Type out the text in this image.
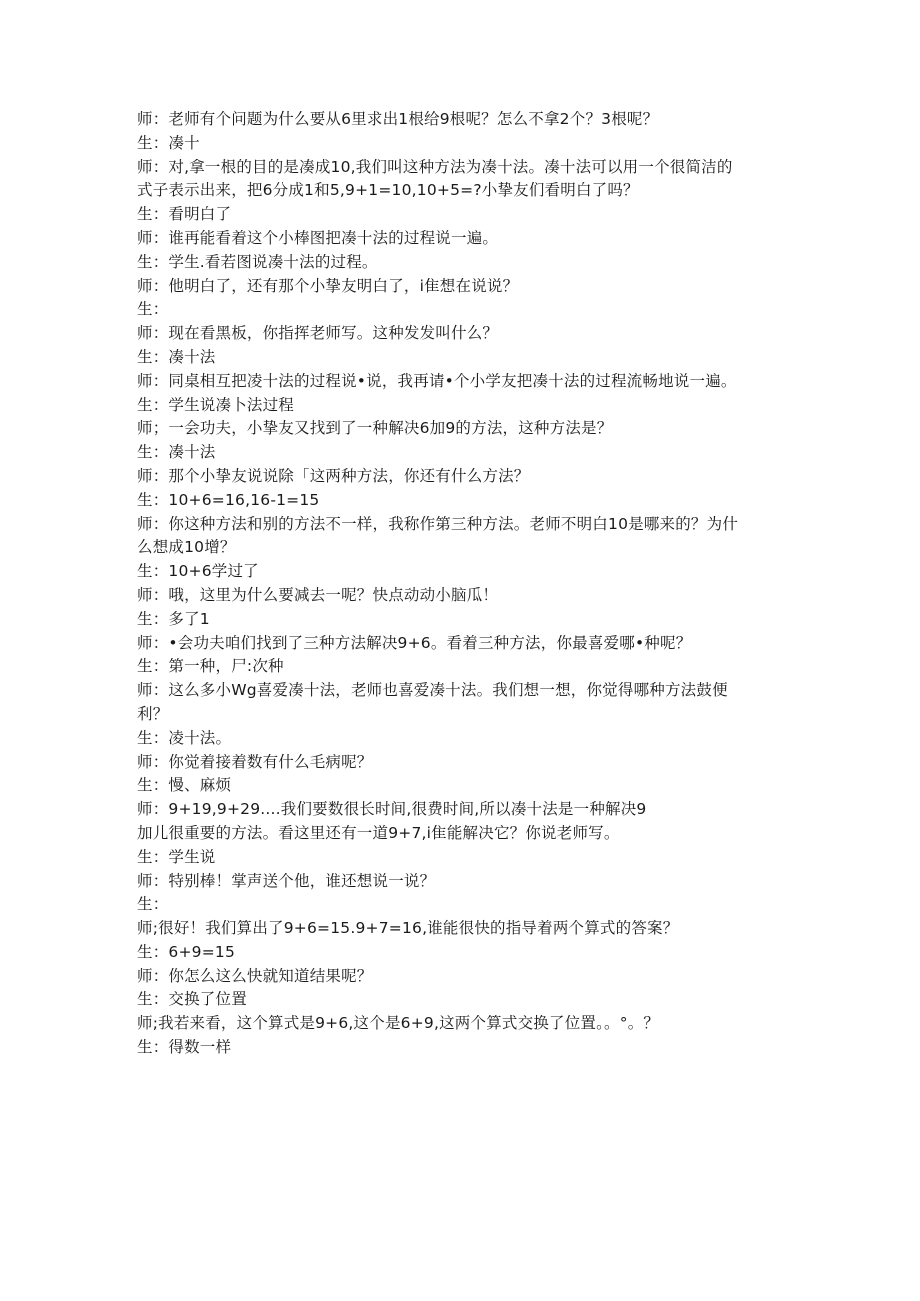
师：老师有个问题为什么要从6里求出1根给9根呢？怎么不拿2个？3根呢？
生：凑十
师：对,拿一根的目的是凑成10,我们叫这种方法为凑十法。凑十法可以用一个很简洁的
式子表示出来，把6分成1和5,9+1=10,10+5=?小挚友们看明白了吗？
生：看明白了
师：谁再能看着这个小棒图把凑十法的过程说一遍。
生：学生.看若图说凑十法的过程。
师：他明白了，还有那个小挚友明白了，i隹想在说说？
生：
师：现在看黑板，你指挥老师写。这种发发叫什么？
生：凑十法
师：同桌相互把凌十法的过程说•说，我再请•个小学友把凑十法的过程流畅地说一遍。
生：学生说凑卜法过程
师；一会功夫，小挚友又找到了一种解决6加9的方法，这种方法是？
生：凑十法
师：那个小挚友说说除「这两种方法，你还有什么方法？
生：10+6=16,16-1=15
师：你这种方法和别的方法不一样，我称作第三种方法。老师不明白10是哪来的？为什
么想成10增？
生：10+6学过了
师：哦，这里为什么要减去一呢？快点动动小脑瓜！
生：多了1
师：•会功夫咱们找到了三种方法解决9+6。看着三种方法，你最喜爱哪•种呢？
生：第一种，尸:次种
师：这么多小Wg喜爱凑十法，老师也喜爱凑十法。我们想一想，你觉得哪种方法鼓便
利？
生：凌十法。
师：你觉着接着数有什么毛病呢？
生：慢、麻烦
师：9+19,9+29....我们要数很长时间,很费时间,所以凑十法是一种解决9
加儿很重要的方法。看这里还有一道9+7,i隹能解决它？你说老师写。
生：学生说
师：特别棒！掌声送个他，谁还想说一说？
生：
师;很好！我们算出了9+6=15.9+7=16,谁能很快的指导着两个算式的答案？
生：6+9=15
师：你怎么这么快就知道结果呢？
生：交换了位置
师;我若来看，这个算式是9+6,这个是6+9,这两个算式交换了位置。。°。？
生：得数一样
